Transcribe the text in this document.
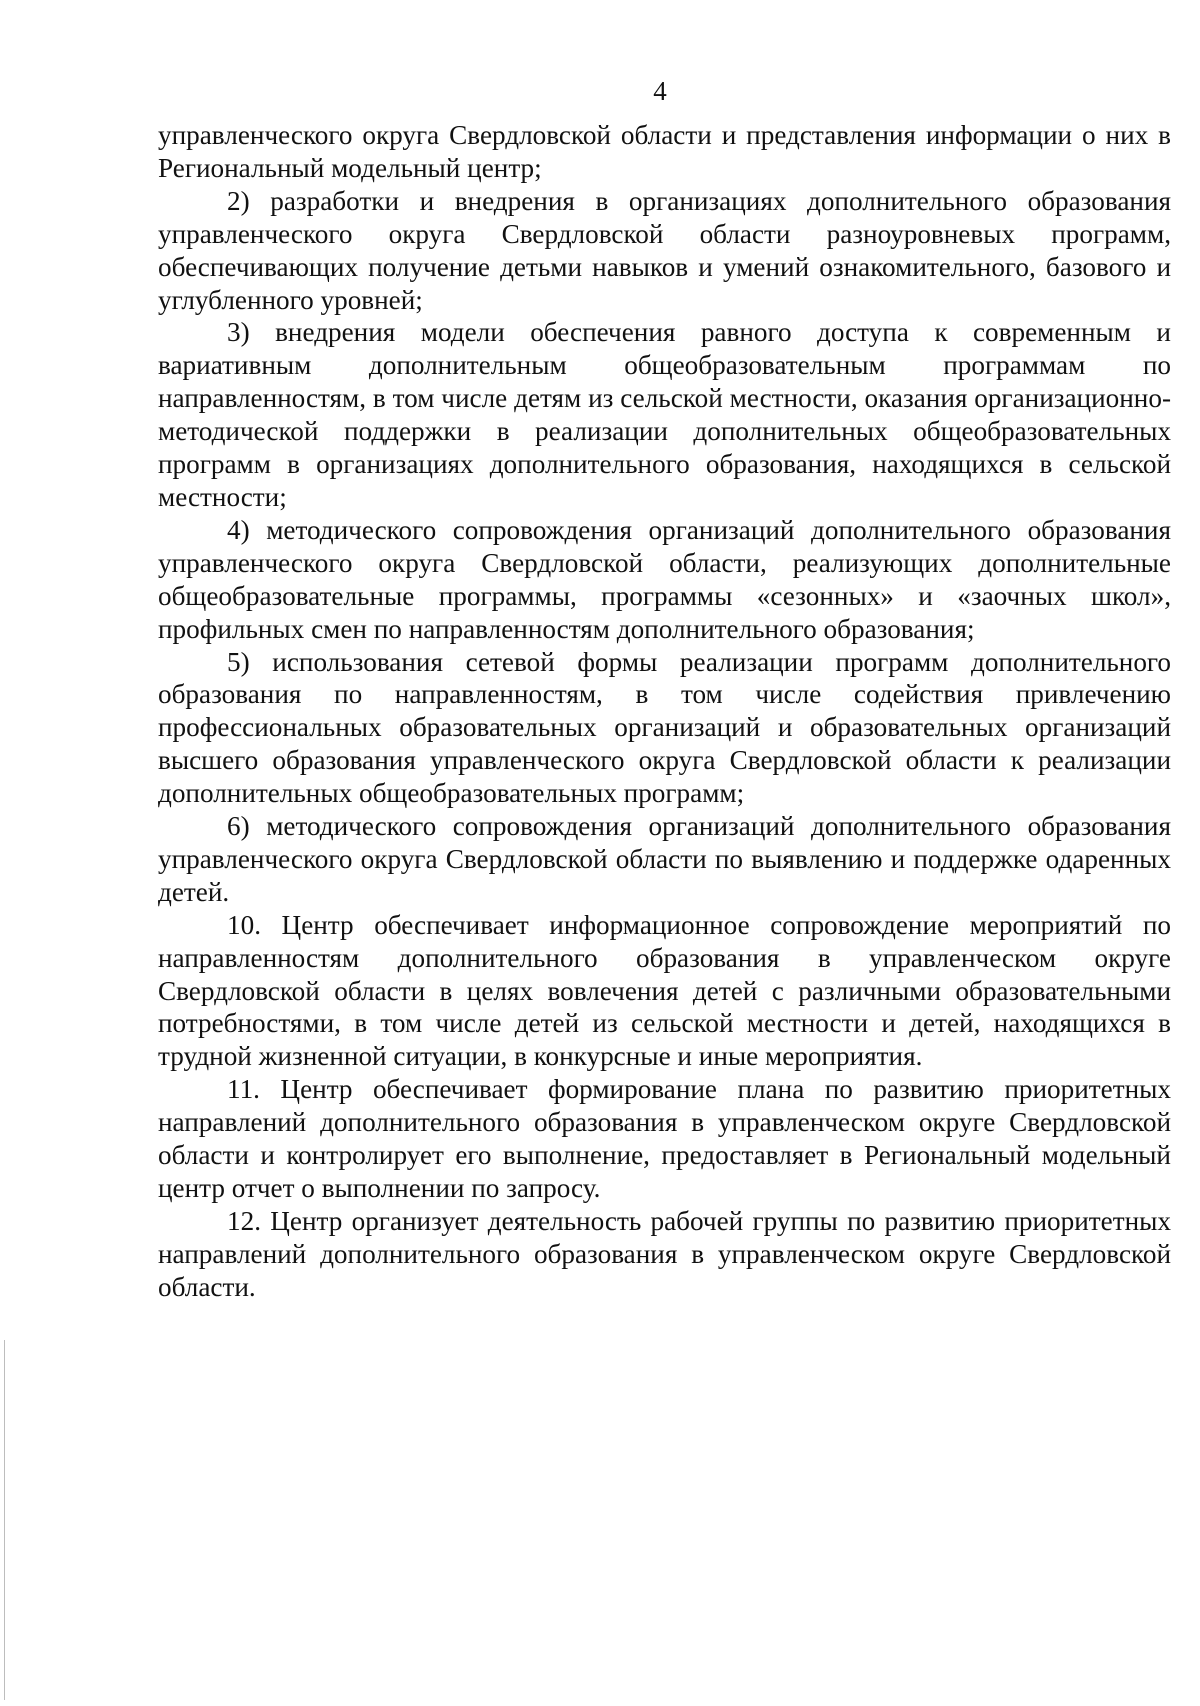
4

управленческого округа Свердловской области и представления информации о них в Региональный модельный центр;

2) разработки и внедрения в организациях дополнительного образования управленческого округа Свердловской области разноуровневых программ, обеспечивающих получение детьми навыков и умений ознакомительного, базового и углубленного уровней;

3) внедрения модели обеспечения равного доступа к современным и вариативным дополнительным общеобразовательным программам по направленностям, в том числе детям из сельской местности, оказания организационно-методической поддержки в реализации дополнительных общеобразовательных программ в организациях дополнительного образования, находящихся в сельской местности;

4) методического сопровождения организаций дополнительного образования управленческого округа Свердловской области, реализующих дополнительные общеобразовательные программы, программы «сезонных» и «заочных школ», профильных смен по направленностям дополнительного образования;

5) использования сетевой формы реализации программ дополнительного образования по направленностям, в том числе содействия привлечению профессиональных образовательных организаций и образовательных организаций высшего образования управленческого округа Свердловской области к реализации дополнительных общеобразовательных программ;

6) методического сопровождения организаций дополнительного образования управленческого округа Свердловской области по выявлению и поддержке одаренных детей.

10. Центр обеспечивает информационное сопровождение мероприятий по направленностям дополнительного образования в управленческом округе Свердловской области в целях вовлечения детей с различными образовательными потребностями, в том числе детей из сельской местности и детей, находящихся в трудной жизненной ситуации, в конкурсные и иные мероприятия.

11. Центр обеспечивает формирование плана по развитию приоритетных направлений дополнительного образования в управленческом округе Свердловской области и контролирует его выполнение, предоставляет в Региональный модельный центр отчет о выполнении по запросу.

12. Центр организует деятельность рабочей группы по развитию приоритетных направлений дополнительного образования в управленческом округе Свердловской области.
